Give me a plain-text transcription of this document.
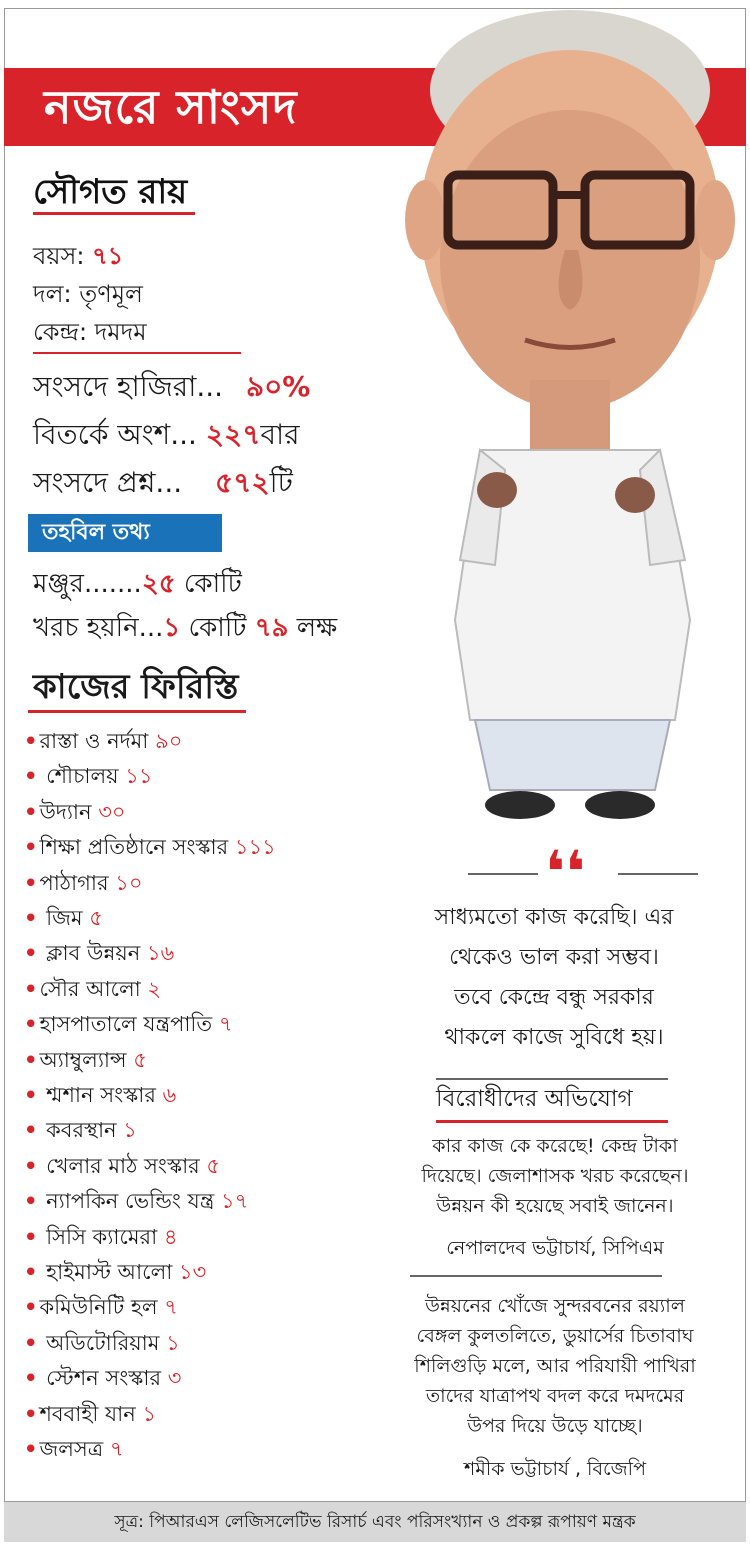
নজরে সাংসদ
সৌগত রায়
বয়স: ৭১
দল: তৃণমূল
কেন্দ্র: দমদম
সংসদে হাজিরা... ৯০%
বিতর্কে অংশ... ২২৭বার
সংসদে প্রশ্ন... ৫৭২টি
তহবিল তথ্য
মঞ্জুর.......২৫ কোটি
খরচ হয়নি...১ কোটি ৭৯ লক্ষ
কাজের ফিরিস্তি
•রাস্তা ও নর্দমা ৯০
• শৌচালয় ১১
•উদ্যান ৩০
•শিক্ষা প্রতিষ্ঠানে সংস্কার ১১১
•পাঠাগার ১০
• জিম ৫
• ক্লাব উন্নয়ন ১৬
•সৌর আলো ২
•হাসপাতালে যন্ত্রপাতি ৭
•অ্যাম্বুল্যান্স ৫
• শ্মশান সংস্কার ৬
• কবরস্থান ১
• খেলার মাঠ সংস্কার ৫
• ন্যাপকিন ভেন্ডিং যন্ত্র ১৭
• সিসি ক্যামেরা ৪
• হাইমাস্ট আলো ১৩
•কমিউনিটি হল ৭
• অডিটোরিয়াম ১
• স্টেশন সংস্কার ৩
•শববাহী যান ১
•জলসত্র ৭
❛❛
সাধ্যমতো কাজ করেছি। এর
থেকেও ভাল করা সম্ভব।
তবে কেন্দ্রে বন্ধু সরকার
থাকলে কাজে সুবিধে হয়।
বিরোধীদের অভিযোগ
কার কাজ কে করেছে! কেন্দ্র টাকা
দিয়েছে। জেলাশাসক খরচ করেছেন।
উন্নয়ন কী হয়েছে সবাই জানেন।
নেপালদেব ভট্টাচার্য, সিপিএম
উন্নয়নের খোঁজে সুন্দরবনের রয়্যাল
বেঙ্গল কুলতলিতে, ডুয়ার্সের চিতাবাঘ
শিলিগুড়ি মলে, আর পরিযায়ী পাখিরা
তাদের যাত্রাপথ বদল করে দমদমের
উপর দিয়ে উড়ে যাচ্ছে।
শমীক ভট্টাচার্য , বিজেপি
সূত্র: পিআরএস লেজিসলেটিভ রিসার্চ এবং পরিসংখ্যান ও প্রকল্প রূপায়ণ মন্ত্রক
